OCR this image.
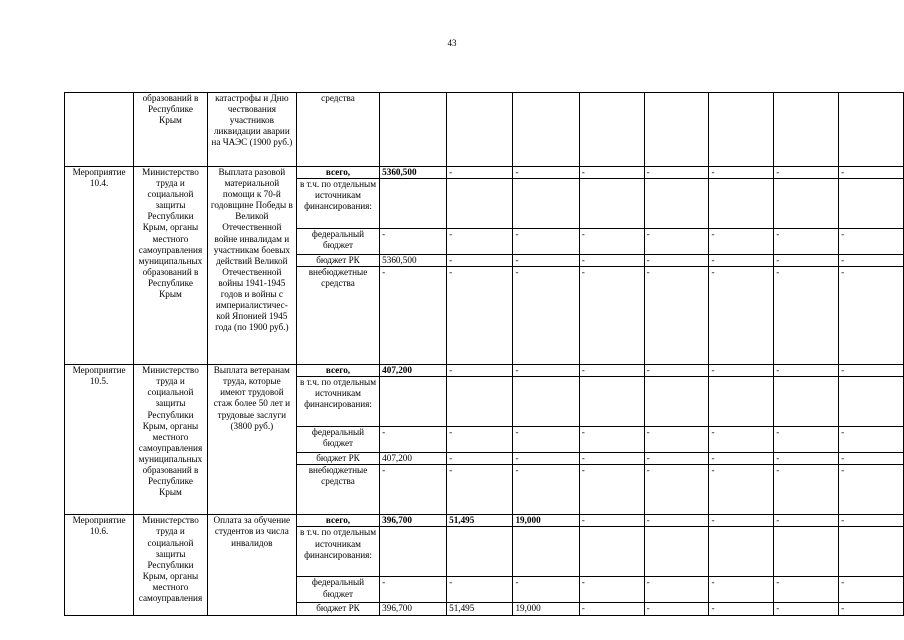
43
	образований в Республике Крым	катастрофы и Дню чествования участников ликвидации аварии на ЧАЭС (1900 руб.)	средства								
Мероприятие 10.4.	Министерство труда и социальной защиты Республики Крым, органы местного самоуправления муниципальных образований в Республике Крым	Выплата разовой материальной помощи к 70-й годовщине Победы в Великой Отечественной войне инвалидам и участникам боевых действий Великой Отечественной войны 1941-1945 годов и войны с империалистичес-кой Японией 1945 года (по 1900 руб.)	всего,	5360,500	-	-	-	-	-	-	-
			в т.ч. по отдельным источникам финансирования:								
			федеральный бюджет	-	-	-	-	-	-	-	-
			бюджет РК	5360,500	-	-	-	-	-	-	-
			внебюджетные средства	-	-	-	-	-	-	-	-
Мероприятие 10.5.	Министерство труда и социальной защиты Республики Крым, органы местного самоуправления муниципальных образований в Республике Крым	Выплата ветеранам труда, которые имеют трудовой стаж более 50 лет и трудовые заслуги (3800 руб.)	всего,	407,200	-	-	-	-	-	-	-
			в т.ч. по отдельным источникам финансирования:								
			федеральный бюджет	-	-	-	-	-	-	-	-
			бюджет РК	407,200	-	-	-	-	-	-	-
			внебюджетные средства	-	-	-	-	-	-	-	-
Мероприятие 10.6.	Министерство труда и социальной защиты Республики Крым, органы местного самоуправления	Оплата за обучение студентов из числа инвалидов	всего,	396,700	51,495	19,000	-	-	-	-	-
			в т.ч. по отдельным источникам финансирования:								
			федеральный бюджет	-	-	-	-	-	-	-	-
			бюджет РК	396,700	51,495	19,000	-	-	-	-	-
